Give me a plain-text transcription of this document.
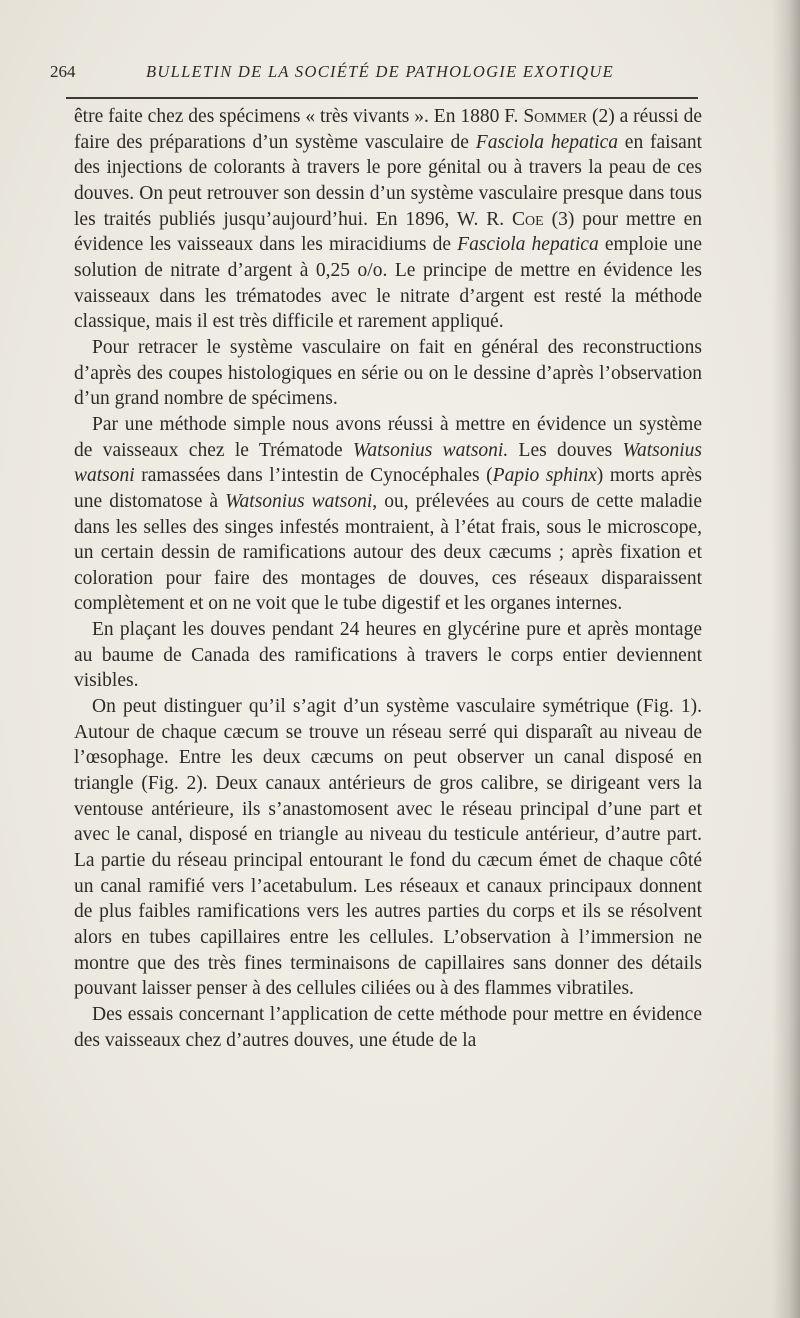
264	BULLETIN DE LA SOCIÉTÉ DE PATHOLOGIE EXOTIQUE

être faite chez des spécimens « très vivants ». En 1880 F. Sommer (2) a réussi de faire des préparations d’un système vasculaire de Fasciola hepatica en faisant des injections de colorants à travers le pore génital ou à travers la peau de ces douves. On peut retrouver son dessin d’un système vasculaire presque dans tous les traités publiés jusqu’aujourd’hui. En 1896, W. R. Coe (3) pour mettre en évidence les vaisseaux dans les miracidiums de Fasciola hepatica emploie une solution de nitrate d’argent à 0,25 o/o. Le principe de mettre en évidence les vaisseaux dans les trématodes avec le nitrate d’argent est resté la méthode classique, mais il est très difficile et rarement appliqué.

Pour retracer le système vasculaire on fait en général des reconstructions d’après des coupes histologiques en série ou on le dessine d’après l’observation d’un grand nombre de spécimens.

Par une méthode simple nous avons réussi à mettre en évidence un système de vaisseaux chez le Trématode Watsonius watsoni. Les douves Watsonius watsoni ramassées dans l’intestin de Cynocéphales (Papio sphinx) morts après une distomatose à Watsonius watsoni, ou, prélevées au cours de cette maladie dans les selles des singes infestés montraient, à l’état frais, sous le microscope, un certain dessin de ramifications autour des deux cæcums ; après fixation et coloration pour faire des montages de douves, ces réseaux disparaissent complètement et on ne voit que le tube digestif et les organes internes.

En plaçant les douves pendant 24 heures en glycérine pure et après montage au baume de Canada des ramifications à travers le corps entier deviennent visibles.

On peut distinguer qu’il s’agit d’un système vasculaire symétrique (Fig. 1). Autour de chaque cæcum se trouve un réseau serré qui disparaît au niveau de l’œsophage. Entre les deux cæcums on peut observer un canal disposé en triangle (Fig. 2). Deux canaux antérieurs de gros calibre, se dirigeant vers la ventouse antérieure, ils s’anastomosent avec le réseau principal d’une part et avec le canal, disposé en triangle au niveau du testicule antérieur, d’autre part. La partie du réseau principal entourant le fond du cæcum émet de chaque côté un canal ramifié vers l’acetabulum. Les réseaux et canaux principaux donnent de plus faibles ramifications vers les autres parties du corps et ils se résolvent alors en tubes capillaires entre les cellules. L’observation à l’immersion ne montre que des très fines terminaisons de capillaires sans donner des détails pouvant laisser penser à des cellules ciliées ou à des flammes vibratiles.

Des essais concernant l’application de cette méthode pour mettre en évidence des vaisseaux chez d’autres douves, une étude de la
